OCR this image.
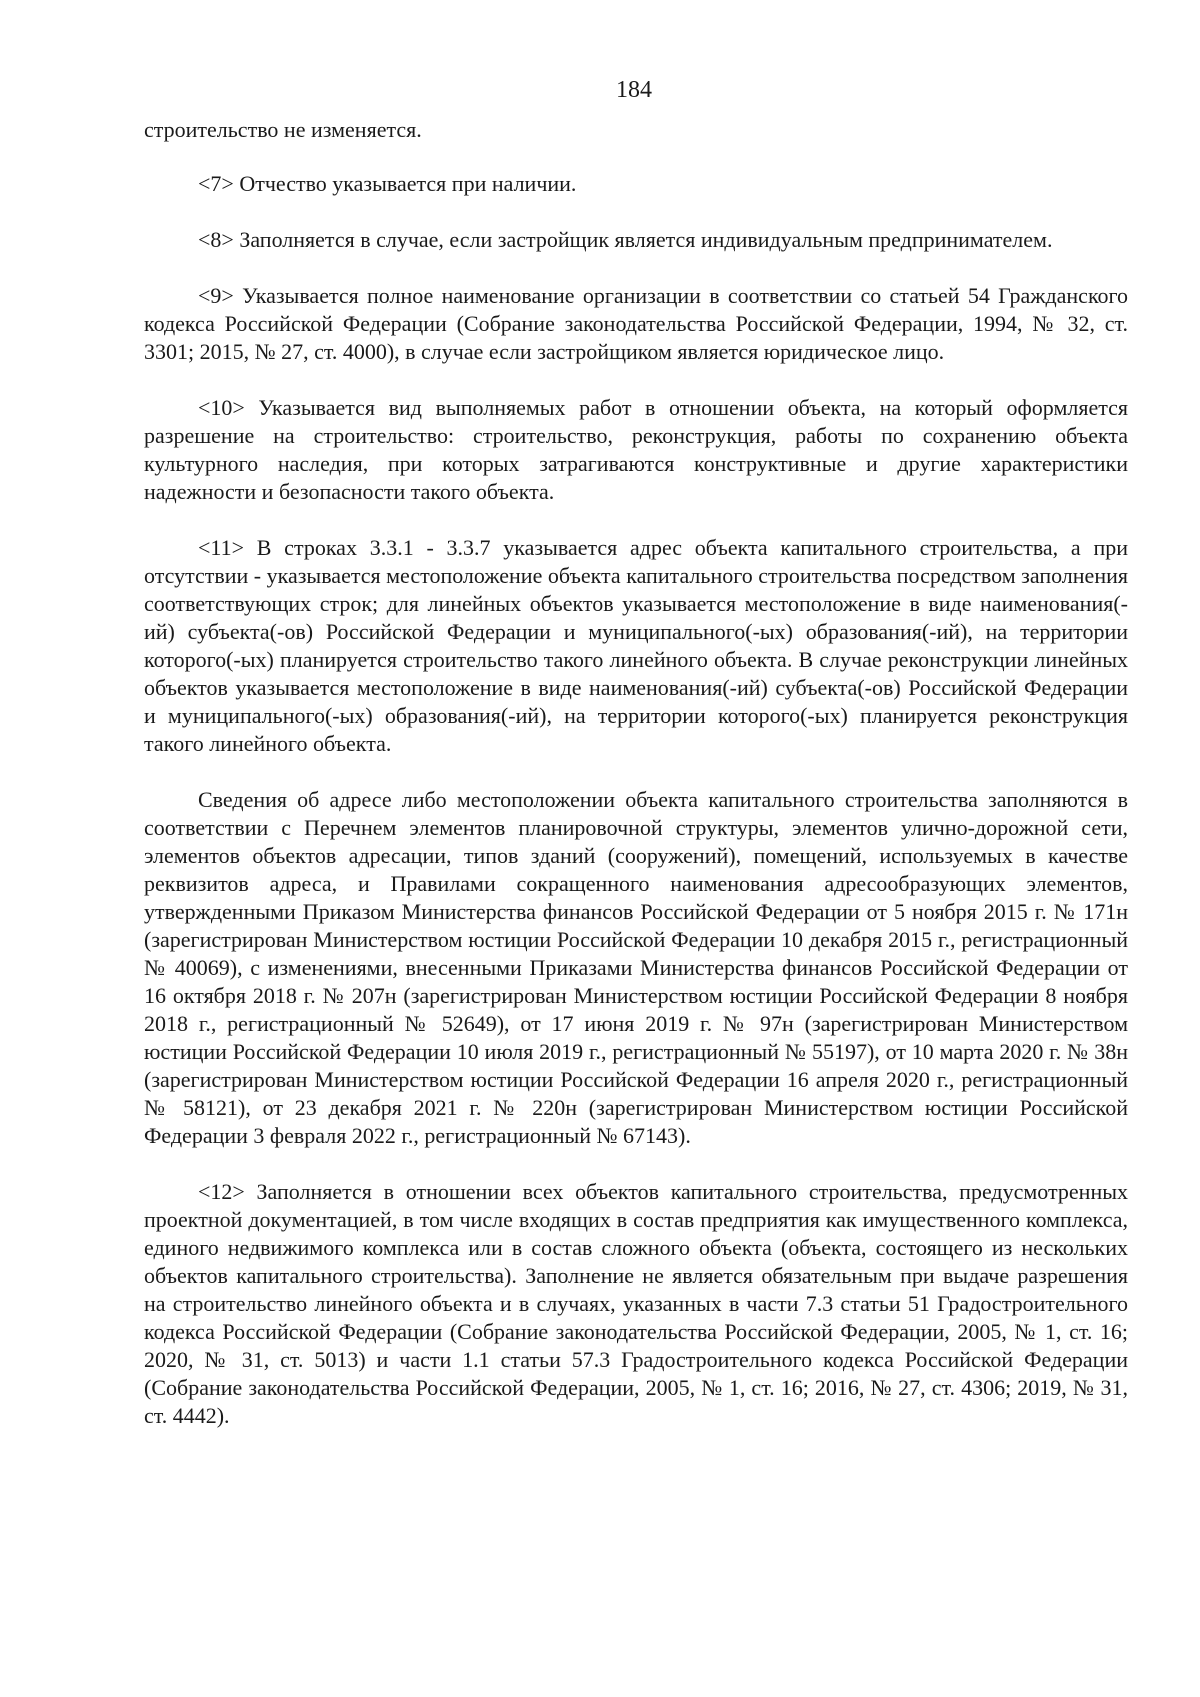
184

строительство не изменяется.

<7> Отчество указывается при наличии.

<8> Заполняется в случае, если застройщик является индивидуальным предпринимателем.

<9> Указывается полное наименование организации в соответствии со статьей 54 Гражданского кодекса Российской Федерации (Собрание законодательства Российской Федерации, 1994, № 32, ст. 3301; 2015, № 27, ст. 4000), в случае если застройщиком является юридическое лицо.

<10> Указывается вид выполняемых работ в отношении объекта, на который оформляется разрешение на строительство: строительство, реконструкция, работы по сохранению объекта культурного наследия, при которых затрагиваются конструктивные и другие характеристики надежности и безопасности такого объекта.

<11> В строках 3.3.1 - 3.3.7 указывается адрес объекта капитального строительства, а при отсутствии - указывается местоположение объекта капитального строительства посредством заполнения соответствующих строк; для линейных объектов указывается местоположение в виде наименования(-ий) субъекта(-ов) Российской Федерации и муниципального(-ых) образования(-ий), на территории которого(-ых) планируется строительство такого линейного объекта. В случае реконструкции линейных объектов указывается местоположение в виде наименования(-ий) субъекта(-ов) Российской Федерации и муниципального(-ых) образования(-ий), на территории которого(-ых) планируется реконструкция такого линейного объекта.

Сведения об адресе либо местоположении объекта капитального строительства заполняются в соответствии с Перечнем элементов планировочной структуры, элементов улично-дорожной сети, элементов объектов адресации, типов зданий (сооружений), помещений, используемых в качестве реквизитов адреса, и Правилами сокращенного наименования адресообразующих элементов, утвержденными Приказом Министерства финансов Российской Федерации от 5 ноября 2015 г. № 171н (зарегистрирован Министерством юстиции Российской Федерации 10 декабря 2015 г., регистрационный № 40069), с изменениями, внесенными Приказами Министерства финансов Российской Федерации от 16 октября 2018 г. № 207н (зарегистрирован Министерством юстиции Российской Федерации 8 ноября 2018 г., регистрационный № 52649), от 17 июня 2019 г. № 97н (зарегистрирован Министерством юстиции Российской Федерации 10 июля 2019 г., регистрационный № 55197), от 10 марта 2020 г. № 38н (зарегистрирован Министерством юстиции Российской Федерации 16 апреля 2020 г., регистрационный № 58121), от 23 декабря 2021 г. № 220н (зарегистрирован Министерством юстиции Российской Федерации 3 февраля 2022 г., регистрационный № 67143).

<12> Заполняется в отношении всех объектов капитального строительства, предусмотренных проектной документацией, в том числе входящих в состав предприятия как имущественного комплекса, единого недвижимого комплекса или в состав сложного объекта (объекта, состоящего из нескольких объектов капитального строительства). Заполнение не является обязательным при выдаче разрешения на строительство линейного объекта и в случаях, указанных в части 7.3 статьи 51 Градостроительного кодекса Российской Федерации (Собрание законодательства Российской Федерации, 2005, № 1, ст. 16; 2020, № 31, ст. 5013) и части 1.1 статьи 57.3 Градостроительного кодекса Российской Федерации (Собрание законодательства Российской Федерации, 2005, № 1, ст. 16; 2016, № 27, ст. 4306; 2019, № 31, ст. 4442).
